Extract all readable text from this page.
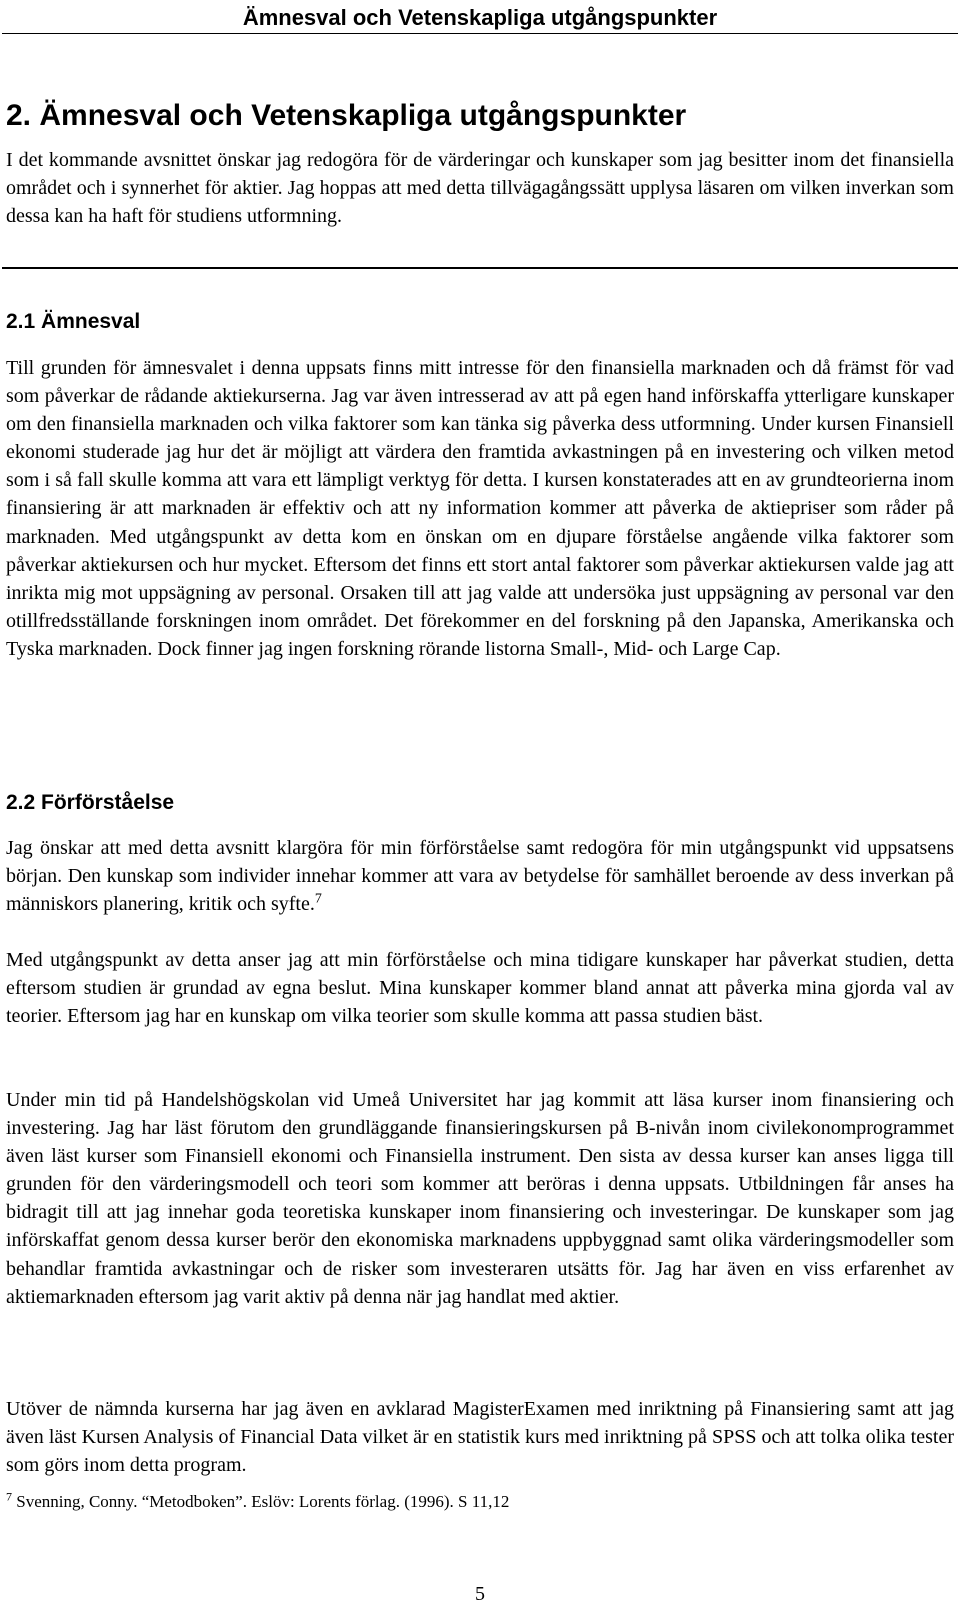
Ämnesval och Vetenskapliga utgångspunkter
2. Ämnesval och Vetenskapliga utgångspunkter

I det kommande avsnittet önskar jag redogöra för de värderingar och kunskaper som jag besitter inom det finansiella området och i synnerhet för aktier. Jag hoppas att med detta tillvägagångssätt upplysa läsaren om vilken inverkan som dessa kan ha haft för studiens utformning.

2.1 Ämnesval

Till grunden för ämnesvalet i denna uppsats finns mitt intresse för den finansiella marknaden och då främst för vad som påverkar de rådande aktiekurserna. Jag var även intresserad av att på egen hand införskaffa ytterligare kunskaper om den finansiella marknaden och vilka faktorer som kan tänka sig påverka dess utformning. Under kursen Finansiell ekonomi studerade jag hur det är möjligt att värdera den framtida avkastningen på en investering och vilken metod som i så fall skulle komma att vara ett lämpligt verktyg för detta. I kursen konstaterades att en av grundteorierna inom finansiering är att marknaden är effektiv och att ny information kommer att påverka de aktiepriser som råder på marknaden. Med utgångspunkt av detta kom en önskan om en djupare förståelse angående vilka faktorer som påverkar aktiekursen och hur mycket. Eftersom det finns ett stort antal faktorer som påverkar aktiekursen valde jag att inrikta mig mot uppsägning av personal. Orsaken till att jag valde att undersöka just uppsägning av personal var den otillfredsställande forskningen inom området. Det förekommer en del forskning på den Japanska, Amerikanska och Tyska marknaden. Dock finner jag ingen forskning rörande listorna Small-, Mid- och Large Cap.

2.2 Förförståelse

Jag önskar att med detta avsnitt klargöra för min förförståelse samt redogöra för min utgångspunkt vid uppsatsens början. Den kunskap som individer innehar kommer att vara av betydelse för samhället beroende av dess inverkan på människors planering, kritik och syfte.$^7$

Med utgångspunkt av detta anser jag att min förförståelse och mina tidigare kunskaper har påverkat studien, detta eftersom studien är grundad av egna beslut. Mina kunskaper kommer bland annat att påverka mina gjorda val av teorier. Eftersom jag har en kunskap om vilka teorier som skulle komma att passa studien bäst.

Under min tid på Handelshögskolan vid Umeå Universitet har jag kommit att läsa kurser inom finansiering och investering. Jag har läst förutom den grundläggande finansieringskursen på B-nivån inom civilekonomprogrammet även läst kurser som Finansiell ekonomi och Finansiella instrument. Den sista av dessa kurser kan anses ligga till grunden för den värderingsmodell och teori som kommer att beröras i denna uppsats. Utbildningen får anses ha bidragit till att jag innehar goda teoretiska kunskaper inom finansiering och investeringar. De kunskaper som jag införskaffat genom dessa kurser berör den ekonomiska marknadens uppbyggnad samt olika värderingsmodeller som behandlar framtida avkastningar och de risker som investeraren utsätts för. Jag har även en viss erfarenhet av aktiemarknaden eftersom jag varit aktiv på denna när jag handlat med aktier.

Utöver de nämnda kurserna har jag även en avklarad MagisterExamen med inriktning på Finansiering samt att jag även läst Kursen Analysis of Financial Data vilket är en statistik kurs med inriktning på SPSS och att tolka olika tester som görs inom detta program.

$^7$ Svenning, Conny. “Metodboken”. Eslöv: Lorents förlag. (1996). S 11,12

5
